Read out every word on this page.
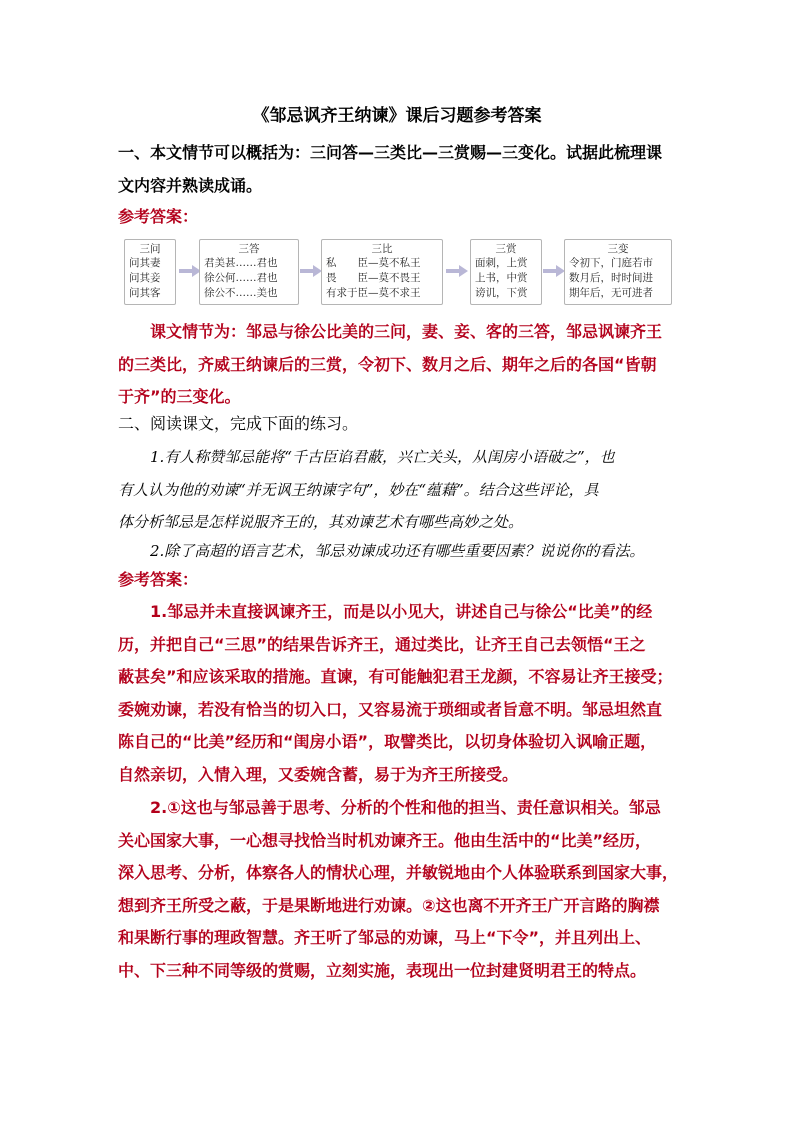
《邹忌讽齐王纳谏》课后习题参考答案
一、本文情节可以概括为：三问答—三类比—三赏赐—三变化。试据此梳理课
文内容并熟读成诵。
参考答案：
三问
问其妻
问其妾
问其客
三答
君美甚……君也
徐公何……君也
徐公不……美也
三比
私　　臣—莫不私王
畏　　臣—莫不畏王
有求于臣—莫不求王
三赏
面刺，上赏
上书，中赏
谤讥，下赏
三变
令初下，门庭若市
数月后，时时间进
期年后，无可进者
课文情节为：邹忌与徐公比美的三问，妻、妾、客的三答，邹忌讽谏齐王
的三类比，齐威王纳谏后的三赏，令初下、数月之后、期年之后的各国“皆朝
于齐”的三变化。
二、阅读课文，完成下面的练习。
1.有人称赞邹忌能将“千古臣谄君蔽，兴亡关头，从闺房小语破之”，也
有人认为他的劝谏“并无讽王纳谏字句”，妙在“蕴藉”。结合这些评论，具
体分析邹忌是怎样说服齐王的，其劝谏艺术有哪些高妙之处。
2.除了高超的语言艺术，邹忌劝谏成功还有哪些重要因素？说说你的看法。
参考答案：
1.邹忌并未直接讽谏齐王，而是以小见大，讲述自己与徐公“比美”的经
历，并把自己“三思”的结果告诉齐王，通过类比，让齐王自己去领悟“王之
蔽甚矣”和应该采取的措施。直谏，有可能触犯君王龙颜，不容易让齐王接受；
委婉劝谏，若没有恰当的切入口，又容易流于琐细或者旨意不明。邹忌坦然直
陈自己的“比美”经历和“闺房小语”，取譬类比，以切身体验切入讽喻正题，
自然亲切，入情入理，又委婉含蓄，易于为齐王所接受。
2.①这也与邹忌善于思考、分析的个性和他的担当、责任意识相关。邹忌
关心国家大事，一心想寻找恰当时机劝谏齐王。他由生活中的“比美”经历，
深入思考、分析，体察各人的情状心理，并敏锐地由个人体验联系到国家大事，
想到齐王所受之蔽，于是果断地进行劝谏。②这也离不开齐王广开言路的胸襟
和果断行事的理政智慧。齐王听了邹忌的劝谏，马上“下令”，并且列出上、
中、下三种不同等级的赏赐，立刻实施，表现出一位封建贤明君王的特点。
